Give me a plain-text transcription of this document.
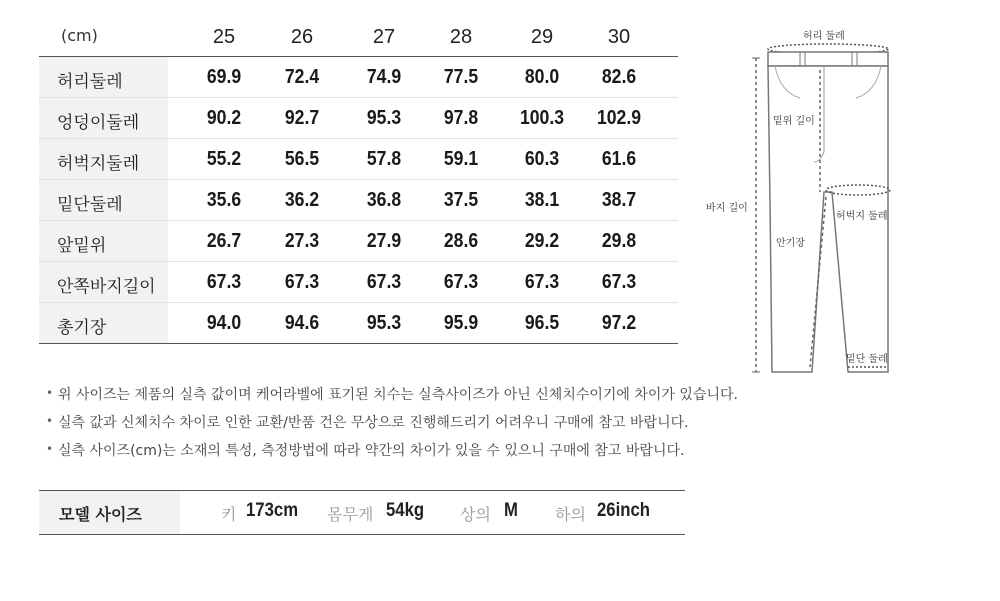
(cm)	25	26	27	28	29	30
허리둘레	69.9	72.4	74.9	77.5	80.0	82.6
엉덩이둘레	90.2	92.7	95.3	97.8	100.3	102.9
허벅지둘레	55.2	56.5	57.8	59.1	60.3	61.6
밑단둘레	35.6	36.2	36.8	37.5	38.1	38.7
앞밑위	26.7	27.3	27.9	28.6	29.2	29.8
안쪽바지길이	67.3	67.3	67.3	67.3	67.3	67.3
총기장	94.0	94.6	95.3	95.9	96.5	97.2
허리 둘레
밑위 길이
바지 길이
허벅지 둘레
안기장
밑단 둘레
• 위 사이즈는 제품의 실측 값이며 케어라벨에 표기된 치수는 실측사이즈가 아닌 신체치수이기에 차이가 있습니다.
• 실측 값과 신체치수 차이로 인한 교환/반품 건은 무상으로 진행해드리기 어려우니 구매에 참고 바랍니다.
• 실측 사이즈(cm)는 소재의 특성, 측정방법에 따라 약간의 차이가 있을 수 있으니 구매에 참고 바랍니다.
모델 사이즈	키 173cm 몸무게 54kg 상의 M 하의 26inch
